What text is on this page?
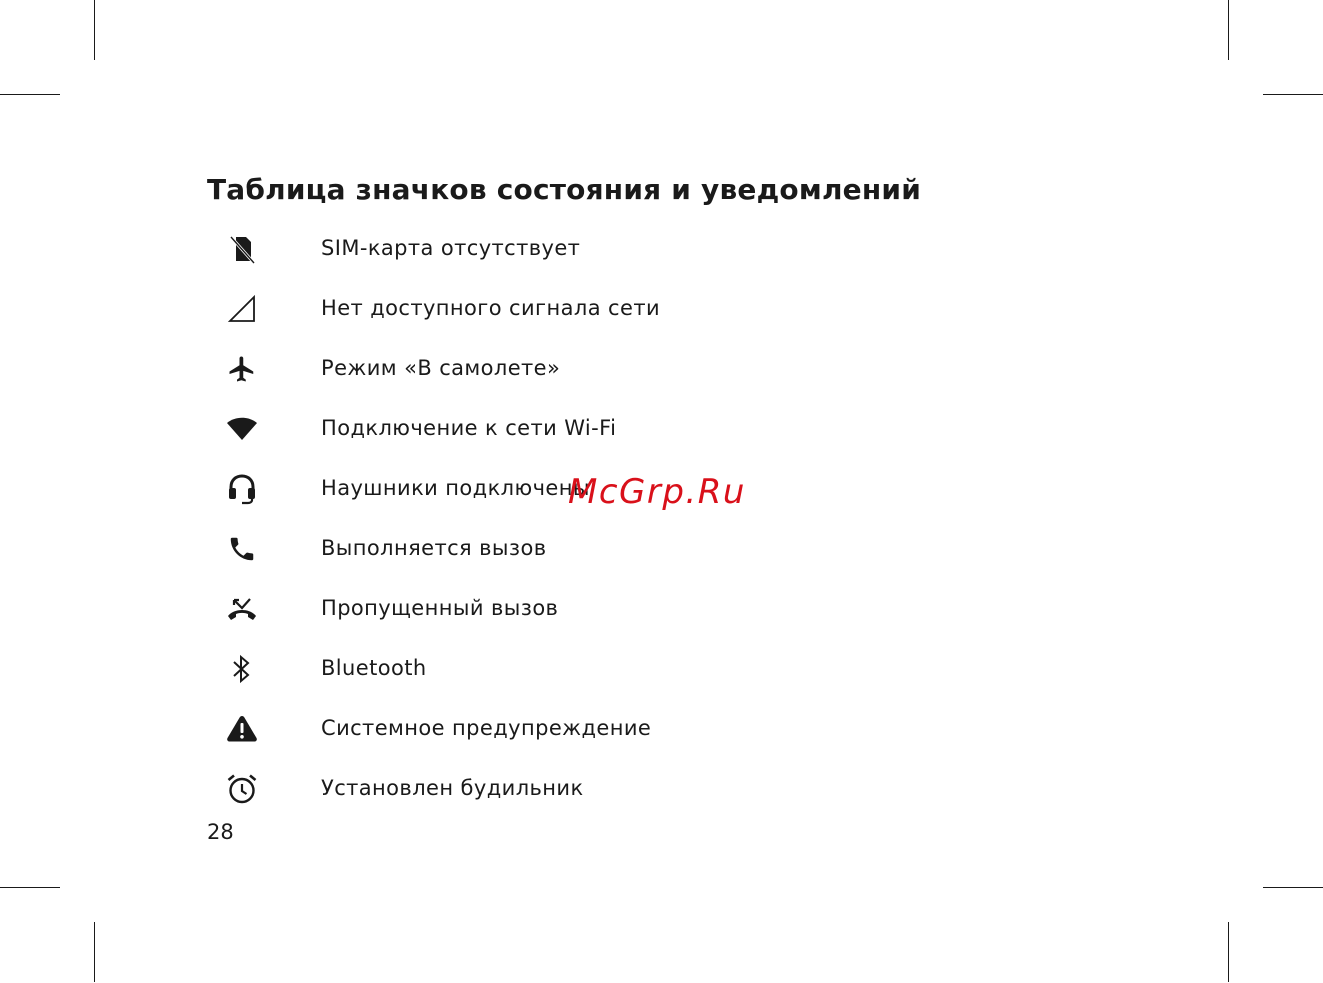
Таблица значков состояния и уведомлений
SIM-карта отсутствует
Нет доступного сигнала сети
Режим «В самолете»
Подключение к сети Wi-Fi
Наушники подключены
Выполняется вызов
Пропущенный вызов
Bluetooth
Системное предупреждение
Установлен будильник
28
McGrp.Ru
